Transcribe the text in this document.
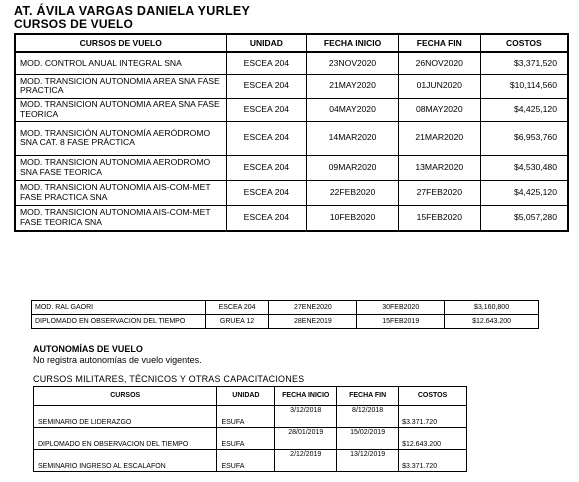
AT. ÁVILA VARGAS DANIELA YURLEY
CURSOS DE VUELO
CURSOS DE VUELO	UNIDAD	FECHA INICIO	FECHA FIN	COSTOS
MOD. CONTROL ANUAL INTEGRAL SNA	ESCEA 204	23NOV2020	26NOV2020	$3,371,520
MOD. TRANSICION AUTONOMIA AREA SNA FASE PRACTICA	ESCEA 204	21MAY2020	01JUN2020	$10,114,560
MOD. TRANSICION AUTONOMIA AREA SNA FASE TEORICA	ESCEA 204	04MAY2020	08MAY2020	$4,425,120
MOD. TRANSICIÓN AUTONOMÍA AERÓDROMO SNA CAT. 8 FASE PRÁCTICA	ESCEA 204	14MAR2020	21MAR2020	$6,953,760
MOD. TRANSICION AUTONOMIA AERODROMO SNA FASE TEORICA	ESCEA 204	09MAR2020	13MAR2020	$4,530,480
MOD. TRANSICION AUTONOMIA AIS-COM-MET FASE PRACTICA SNA	ESCEA 204	22FEB2020	27FEB2020	$4,425,120
MOD. TRANSICION AUTONOMIA AIS-COM-MET FASE TEORICA SNA	ESCEA 204	10FEB2020	15FEB2020	$5,057,280
MOD. RAL GAORI	ESCEA 204	27ENE2020	30FEB2020	$3,160,800
DIPLOMADO EN OBSERVACION DEL TIEMPO	GRUEA 12	28ENE2019	15FEB2019	$12.643.200
AUTONOMÍAS DE VUELO
No registra autonomías de vuelo vigentes.
CURSOS MILITARES, TÉCNICOS Y OTRAS CAPACITACIONES
CURSOS	UNIDAD	FECHA INICIO	FECHA FIN	COSTOS
SEMINARIO DE LIDERAZGO	ESUFA	3/12/2018	8/12/2018	$3.371.720
DIPLOMADO EN OBSERVACION DEL TIEMPO	ESUFA	28/01/2019	15/02/2019	$12.643.200
SEMINARIO INGRESO AL ESCALAFON	ESUFA	2/12/2019	13/12/2019	$3.371.720
